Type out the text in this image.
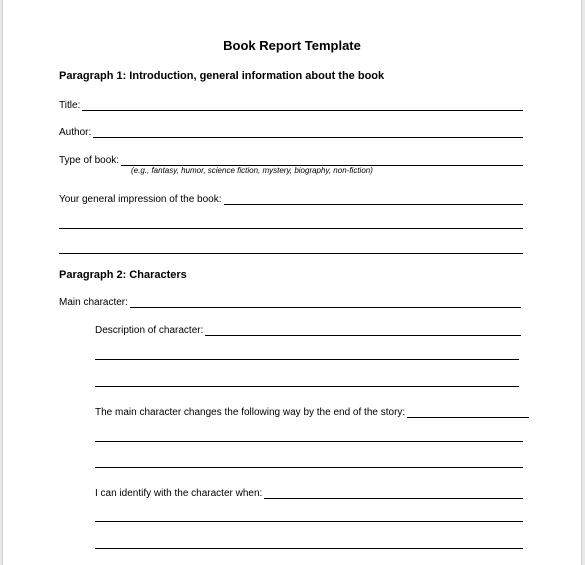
Book Report Template
Paragraph 1: Introduction, general information about the book
Title:
Author:
Type of book:
(e.g., fantasy, humor, science fiction, mystery, biography, non-fiction)
Your general impression of the book:
Paragraph 2: Characters
Main character:
Description of character:
The main character changes the following way by the end of the story:
I can identify with the character when:
